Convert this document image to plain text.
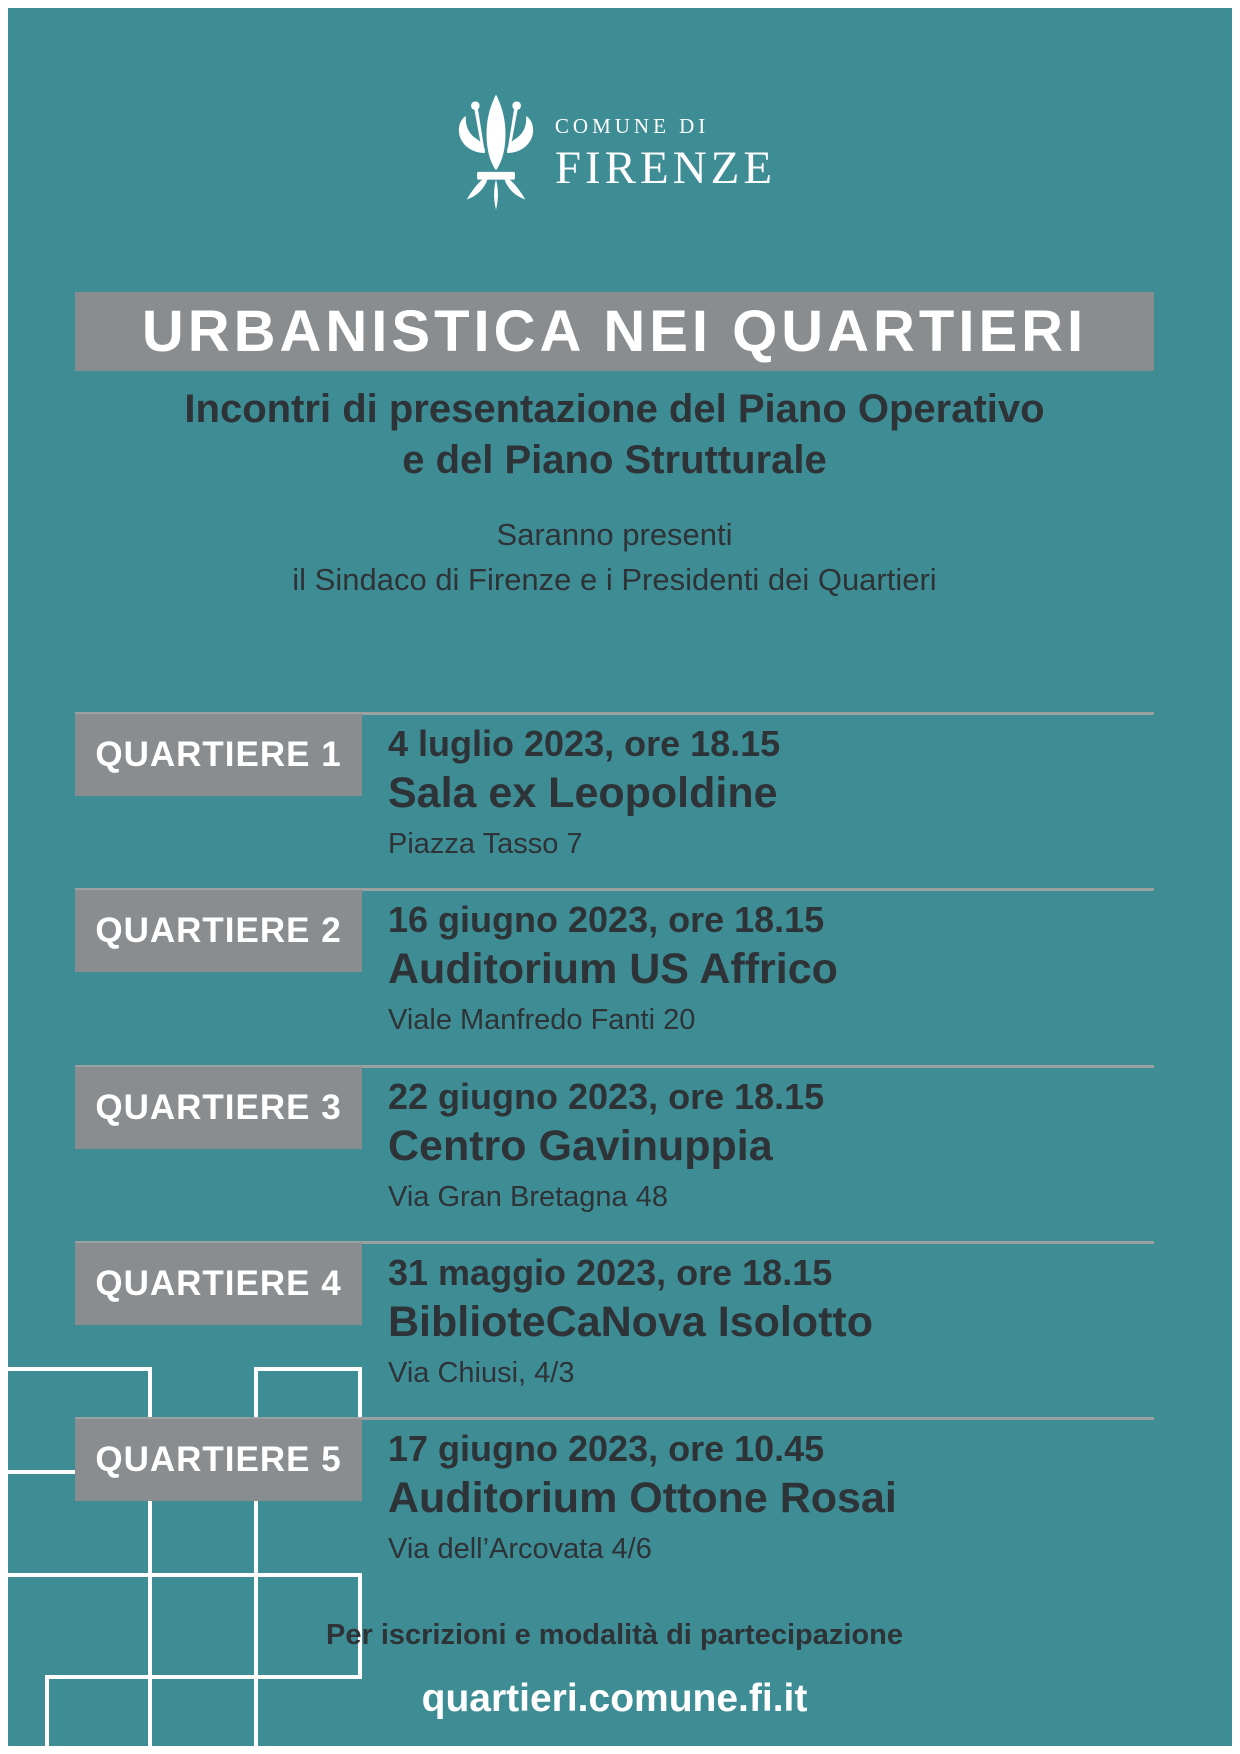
COMUNE DI
FIRENZE
URBANISTICA NEI QUARTIERI
Incontri di presentazione del Piano Operativo
e del Piano Strutturale
Saranno presenti
il Sindaco di Firenze e i Presidenti dei Quartieri
QUARTIERE 1 4 luglio 2023, ore 18.15
Sala ex Leopoldine
Piazza Tasso 7
QUARTIERE 2 16 giugno 2023, ore 18.15
Auditorium US Affrico
Viale Manfredo Fanti 20
QUARTIERE 3 22 giugno 2023, ore 18.15
Centro Gavinuppia
Via Gran Bretagna 48
QUARTIERE 4 31 maggio 2023, ore 18.15
BiblioteCaNova Isolotto
Via Chiusi, 4/3
QUARTIERE 5 17 giugno 2023, ore 10.45
Auditorium Ottone Rosai
Via dell’Arcovata 4/6
Per iscrizioni e modalità di partecipazione
quartieri.comune.fi.it
